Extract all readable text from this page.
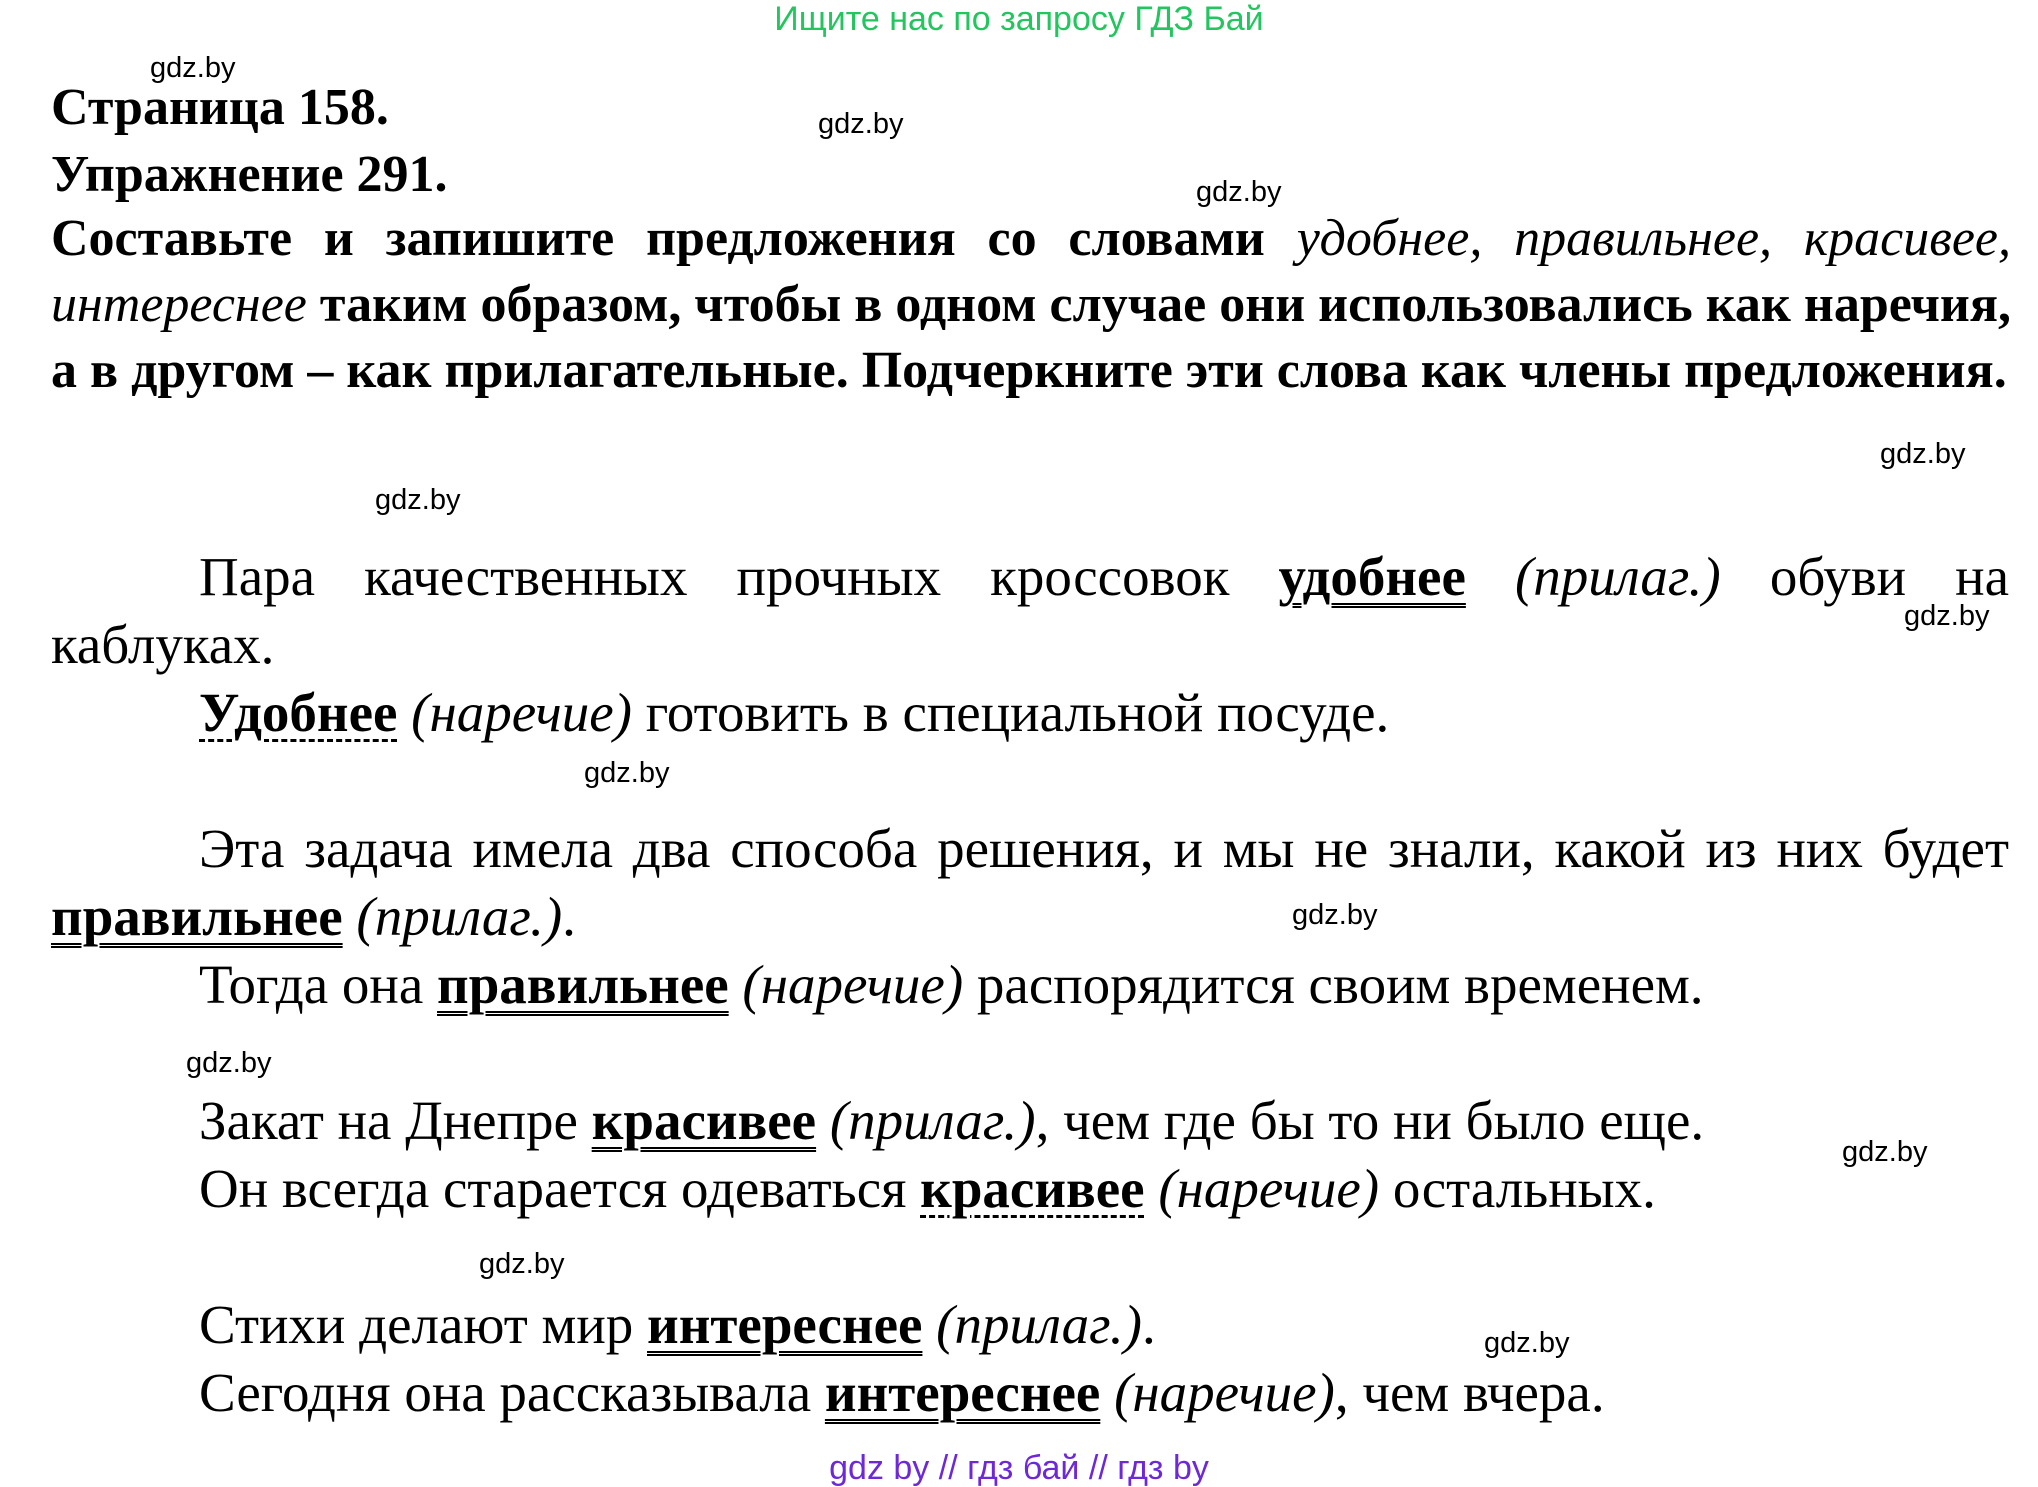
Ищите нас по запросу ГДЗ Бай
gdz.by
gdz.by
gdz.by
gdz.by
gdz.by
gdz.by
gdz.by
gdz.by
gdz.by
gdz.by
gdz.by
gdz.by
Страница 158.
Упражнение 291.
Составьте и запишите предложения со словами удобнее, правильнее, красивее, интереснее таким образом, чтобы в одном случае они использовались как наречия, а в другом – как прилагательные. Подчеркните эти слова как члены предложения.
Пара качественных прочных кроссовок удобнее (прилаг.) обуви на
каблуках.
Удобнее (наречие) готовить в специальной посуде.
Эта задача имела два способа решения, и мы не знали, какой из них будет
правильнее (прилаг.).
Тогда она правильнее (наречие) распорядится своим временем.
Закат на Днепре красивее (прилаг.), чем где бы то ни было еще.
Он всегда старается одеваться красивее (наречие) остальных.
Стихи делают мир интереснее (прилаг.).
Сегодня она рассказывала интереснее (наречие), чем вчера.
gdz by // гдз бай // гдз by
